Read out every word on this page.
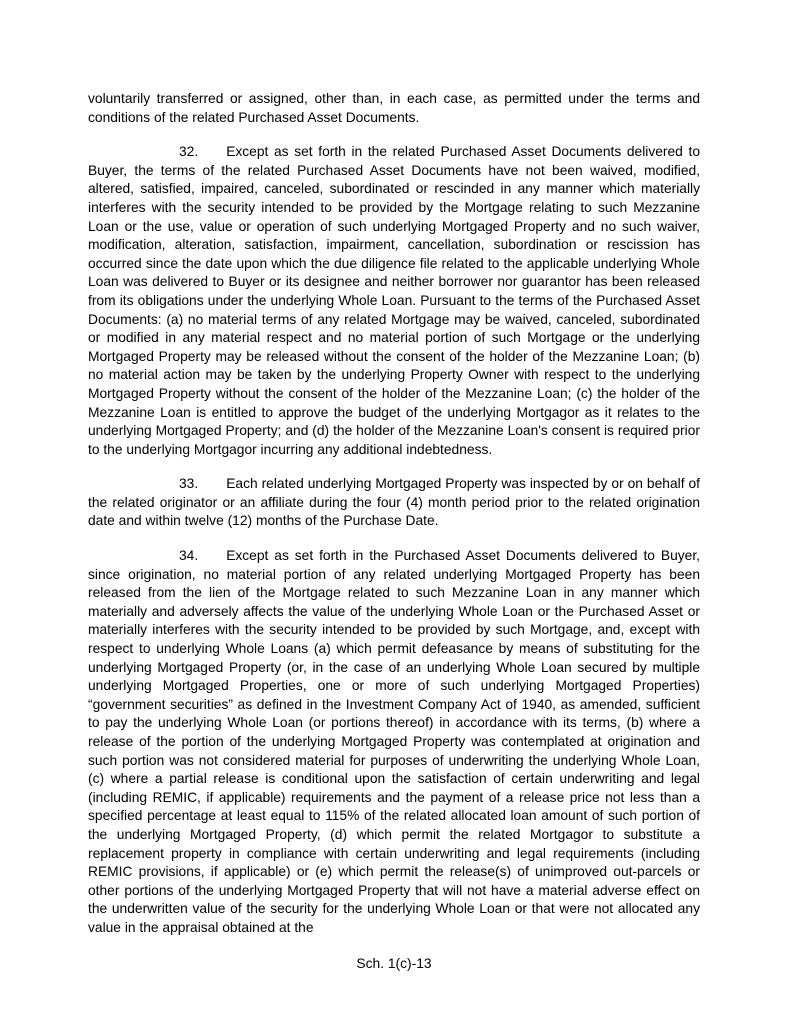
voluntarily transferred or assigned, other than, in each case, as permitted under the terms and conditions of the related Purchased Asset Documents.

32. Except as set forth in the related Purchased Asset Documents delivered to Buyer, the terms of the related Purchased Asset Documents have not been waived, modified, altered, satisfied, impaired, canceled, subordinated or rescinded in any manner which materially interferes with the security intended to be provided by the Mortgage relating to such Mezzanine Loan or the use, value or operation of such underlying Mortgaged Property and no such waiver, modification, alteration, satisfaction, impairment, cancellation, subordination or rescission has occurred since the date upon which the due diligence file related to the applicable underlying Whole Loan was delivered to Buyer or its designee and neither borrower nor guarantor has been released from its obligations under the underlying Whole Loan. Pursuant to the terms of the Purchased Asset Documents: (a) no material terms of any related Mortgage may be waived, canceled, subordinated or modified in any material respect and no material portion of such Mortgage or the underlying Mortgaged Property may be released without the consent of the holder of the Mezzanine Loan; (b) no material action may be taken by the underlying Property Owner with respect to the underlying Mortgaged Property without the consent of the holder of the Mezzanine Loan; (c) the holder of the Mezzanine Loan is entitled to approve the budget of the underlying Mortgagor as it relates to the underlying Mortgaged Property; and (d) the holder of the Mezzanine Loan's consent is required prior to the underlying Mortgagor incurring any additional indebtedness.

33. Each related underlying Mortgaged Property was inspected by or on behalf of the related originator or an affiliate during the four (4) month period prior to the related origination date and within twelve (12) months of the Purchase Date.

34. Except as set forth in the Purchased Asset Documents delivered to Buyer, since origination, no material portion of any related underlying Mortgaged Property has been released from the lien of the Mortgage related to such Mezzanine Loan in any manner which materially and adversely affects the value of the underlying Whole Loan or the Purchased Asset or materially interferes with the security intended to be provided by such Mortgage, and, except with respect to underlying Whole Loans (a) which permit defeasance by means of substituting for the underlying Mortgaged Property (or, in the case of an underlying Whole Loan secured by multiple underlying Mortgaged Properties, one or more of such underlying Mortgaged Properties) “government securities” as defined in the Investment Company Act of 1940, as amended, sufficient to pay the underlying Whole Loan (or portions thereof) in accordance with its terms, (b) where a release of the portion of the underlying Mortgaged Property was contemplated at origination and such portion was not considered material for purposes of underwriting the underlying Whole Loan, (c) where a partial release is conditional upon the satisfaction of certain underwriting and legal (including REMIC, if applicable) requirements and the payment of a release price not less than a specified percentage at least equal to 115% of the related allocated loan amount of such portion of the underlying Mortgaged Property, (d) which permit the related Mortgagor to substitute a replacement property in compliance with certain underwriting and legal requirements (including REMIC provisions, if applicable) or (e) which permit the release(s) of unimproved out-parcels or other portions of the underlying Mortgaged Property that will not have a material adverse effect on the underwritten value of the security for the underlying Whole Loan or that were not allocated any value in the appraisal obtained at the

Sch. 1(c)-13
